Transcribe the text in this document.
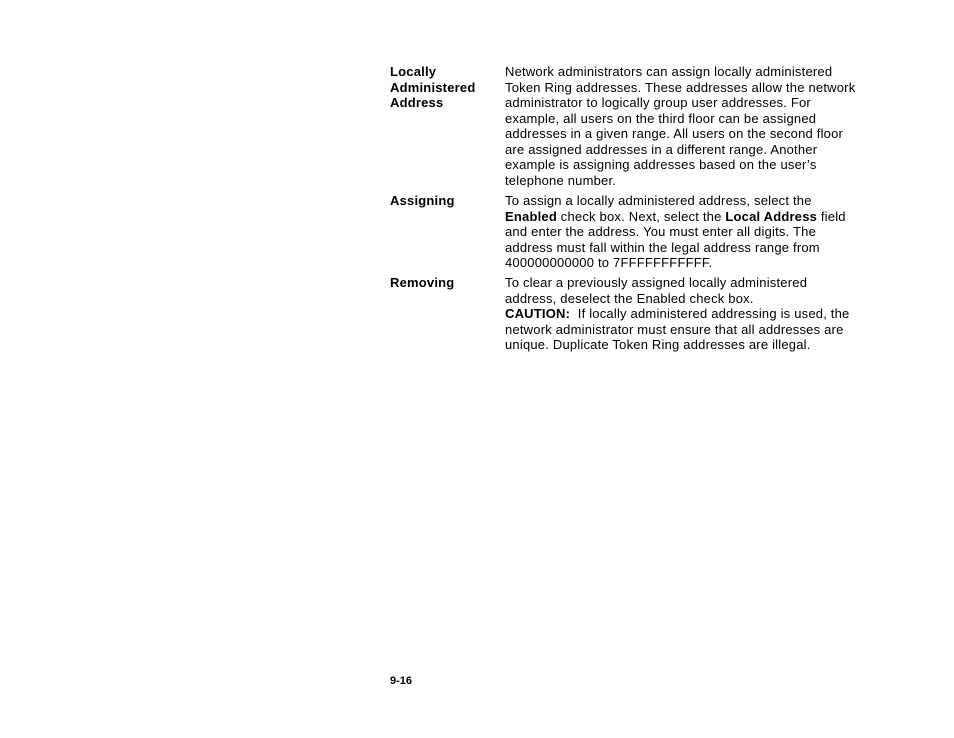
Locally
Administered
Address
Network administrators can assign locally administered
Token Ring addresses. These addresses allow the network
administrator to logically group user addresses. For
example, all users on the third floor can be assigned
addresses in a given range. All users on the second floor
are assigned addresses in a different range. Another
example is assigning addresses based on the user’s
telephone number.
Assigning	To assign a locally administered address, select the
Enabled check box. Next, select the Local Address field
and enter the address. You must enter all digits. The
address must fall within the legal address range from
400000000000 to 7FFFFFFFFFFF.
Removing	To clear a previously assigned locally administered
address, deselect the Enabled check box.
CAUTION:  If locally administered addressing is used, the
network administrator must ensure that all addresses are
unique. Duplicate Token Ring addresses are illegal.
9-16
